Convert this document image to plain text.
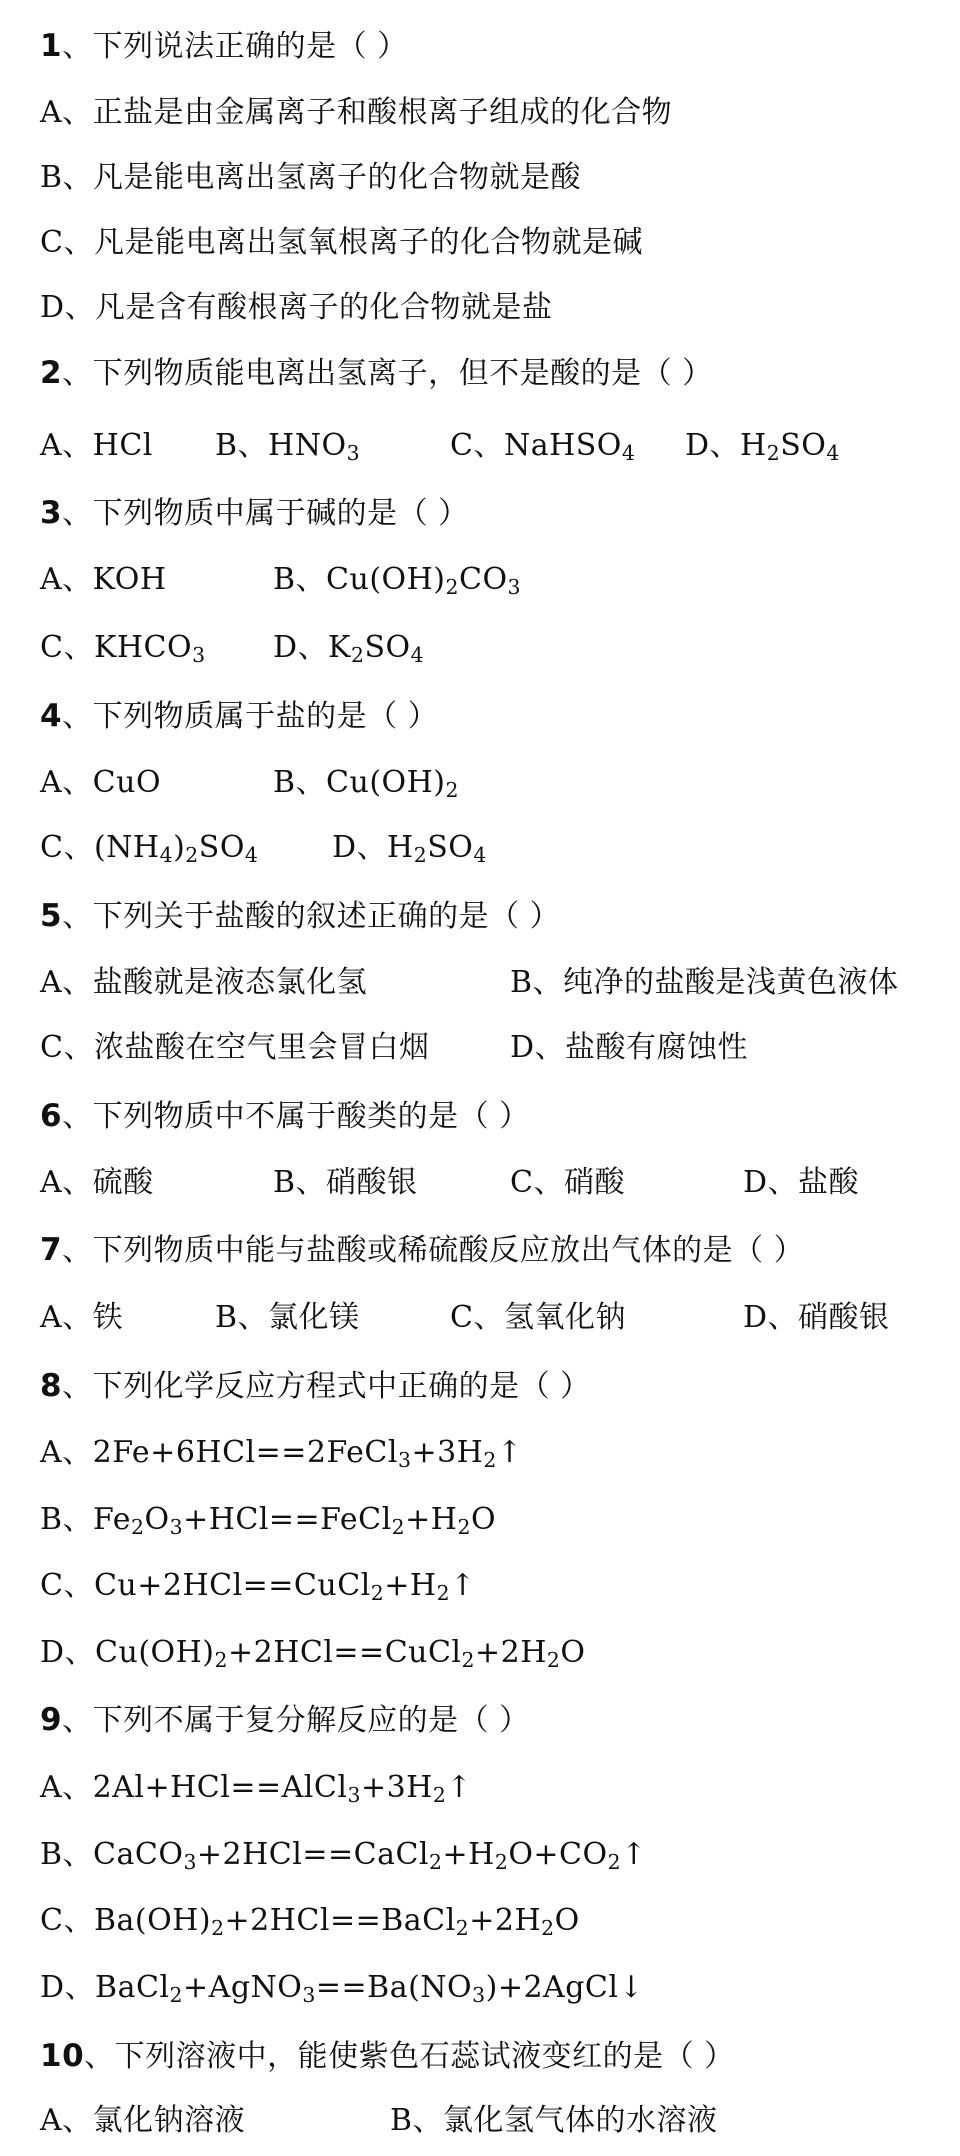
1、下列说法正确的是（ ）
A、正盐是由金属离子和酸根离子组成的化合物
B、凡是能电离出氢离子的化合物就是酸
C、凡是能电离出氢氧根离子的化合物就是碱
D、凡是含有酸根离子的化合物就是盐
2、下列物质能电离出氢离子，但不是酸的是（ ）
A、HCl B、$HNO_3$	C、NaHSO$_4$ D、$H_2SO_4$
3、下列物质中属于碱的是（ ）
A、KOH	B、$Cu(OH)_2CO_3$
C、$KHCO_3$ D、$K_2SO_4$
4、下列物质属于盐的是（ ）
A、CuO	B、$Cu(OH)_2$
C、$(NH_4)_2SO_4$ D、$H_2SO_4$
5、下列关于盐酸的叙述正确的是（ ）
A、盐酸就是液态氯化氢	B、纯净的盐酸是浅黄色液体
C、浓盐酸在空气里会冒白烟	D、盐酸有腐蚀性
6、下列物质中不属于酸类的是（ ）
A、硫酸	B、硝酸银	C、硝酸	D、盐酸
7、下列物质中能与盐酸或稀硫酸反应放出气体的是（ ）
A、铁	B、氯化镁	C、氢氧化钠	D、硝酸银
8、下列化学反应方程式中正确的是（ ）
A、$2Fe+6HCl==2FeCl_3+3H_2↑$
B、$Fe_2O_3+HCl==FeCl_2+H_2O$
C、$Cu+2HCl==CuCl_2+H_2↑$
D、$Cu(OH)_2+2HCl==CuCl_2+2H_2O$
9、下列不属于复分解反应的是（ ）
A、$2Al+HCl==AlCl_3+3H_2↑$
B、$CaCO_3+2HCl==CaCl_2+H_2O+CO_2↑$
C、$Ba(OH)_2+2HCl==BaCl_2+2H_2O$
D、$BaCl_2+AgNO_3==Ba(NO_3)+2AgCl↓$
10、下列溶液中，能使紫色石蕊试液变红的是（ ）
A、氯化钠溶液	B、氯化氢气体的水溶液
